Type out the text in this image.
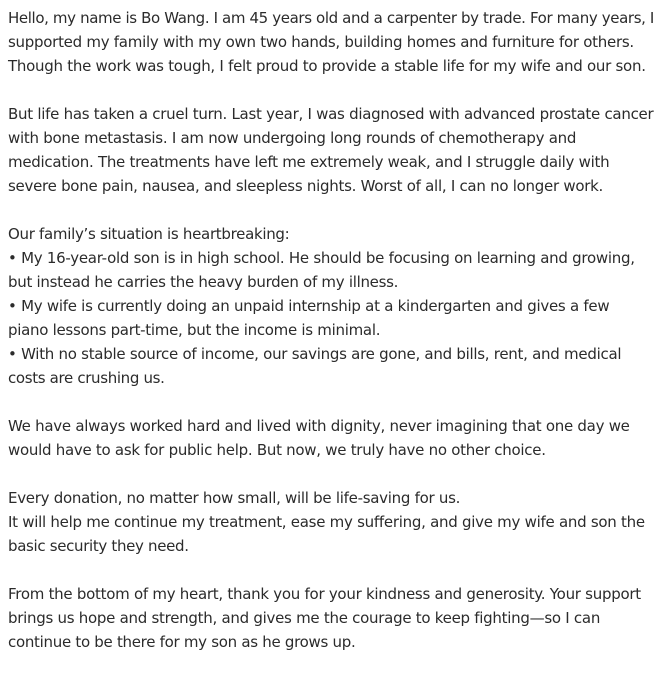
Hello, my name is Bo Wang. I am 45 years old and a carpenter by trade. For many years, I
supported my family with my own two hands, building homes and furniture for others.
Though the work was tough, I felt proud to provide a stable life for my wife and our son.

But life has taken a cruel turn. Last year, I was diagnosed with advanced prostate cancer
with bone metastasis. I am now undergoing long rounds of chemotherapy and
medication. The treatments have left me extremely weak, and I struggle daily with
severe bone pain, nausea, and sleepless nights. Worst of all, I can no longer work.

Our family’s situation is heartbreaking:
• My 16-year-old son is in high school. He should be focusing on learning and growing,
but instead he carries the heavy burden of my illness.
• My wife is currently doing an unpaid internship at a kindergarten and gives a few
piano lessons part-time, but the income is minimal.
• With no stable source of income, our savings are gone, and bills, rent, and medical
costs are crushing us.

We have always worked hard and lived with dignity, never imagining that one day we
would have to ask for public help. But now, we truly have no other choice.

Every donation, no matter how small, will be life-saving for us.
It will help me continue my treatment, ease my suffering, and give my wife and son the
basic security they need.

From the bottom of my heart, thank you for your kindness and generosity. Your support
brings us hope and strength, and gives me the courage to keep fighting—so I can
continue to be there for my son as he grows up.
